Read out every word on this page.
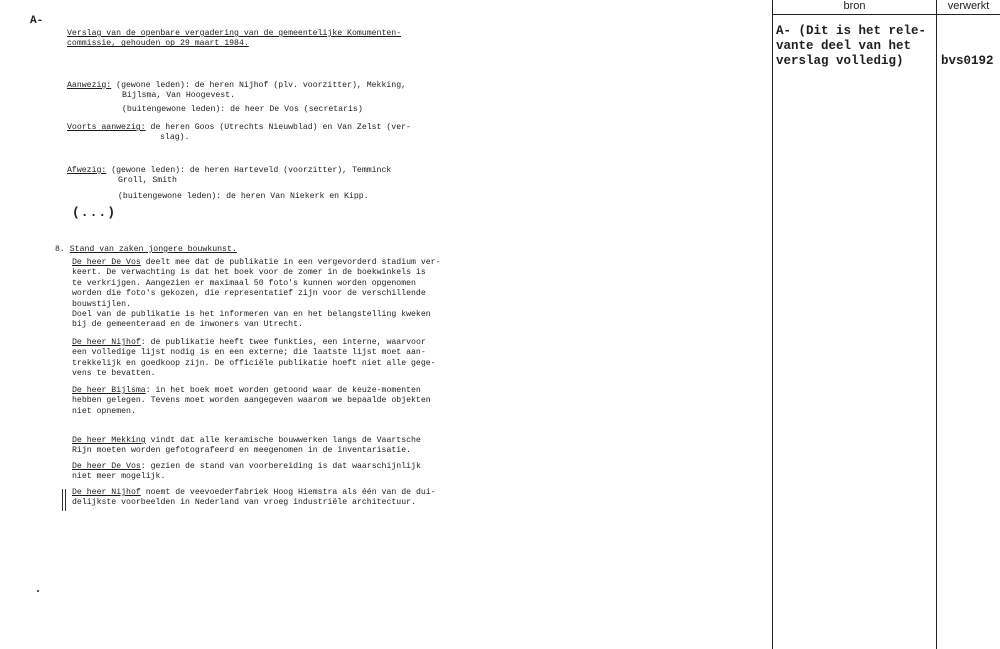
A-
Verslag van de openbare vergadering van de gemeentelijke Komumenten-
commissie, gehouden op 29 maart 1984.
Aanwezig: (gewone leden): de heren Nijhof (plv. voorzitter), Mekking,
Bijlsma, Van Hoogevest.
(buitengewone leden): de heer De Vos (secretaris)
Voorts aanwezig: de heren Goos (Utrechts Nieuwblad) en Van Zelst (ver-
slag).
Afwezig: (gewone leden): de heren Harteveld (voorzitter), Temminck
Groll, Smith
(buitengewone leden): de heren Van Niekerk en Kipp.
(...)
8. Stand van zaken jongere bouwkunst.
De heer De Vos deelt mee dat de publikatie in een vergevorderd stadium ver-
keert. De verwachting is dat het boek voor de zomer in de boekwinkels is
te verkrijgen. Aangezien er maximaal 50 foto's kunnen worden opgenomen
worden die foto's gekozen, die representatief zijn voor de verschillende
bouwstijlen.
Doel van de publikatie is het informeren van en het belangstelling kweken
bij de gemeenteraad en de inwoners van Utrecht.
De heer Nijhof: de publikatie heeft twee funkties, een interne, waarvoor
een volledige lijst nodig is en een externe; die laatste lijst moet aan-
trekkelijk en goedkoop zijn. De officiële publikatie hoeft niet alle gege-
vens te bevatten.
De heer Bijlsma: in het boek moet worden getoond waar de keuze-momenten
hebben gelegen. Tevens moet worden aangegeven waarom we bepaalde objekten
niet opnemen.
De heer Mekking vindt dat alle keramische bouwwerken langs de Vaartsche
Rijn moeten worden gefotografeerd en meegenomen in de inventarisatie.
De heer De Vos: gezien de stand van voorbereiding is dat waarschijnlijk
niet meer mogelijk.
De heer Nijhof noemt de veevoederfabriek Hoog Hiemstra als één van de dui-
delijkste voorbeelden in Nederland van vroeg industriële architectuur.
bron	verwerkt
A- (Dit is het rele-
vante deel van het
verslag volledig)	bvs0192
